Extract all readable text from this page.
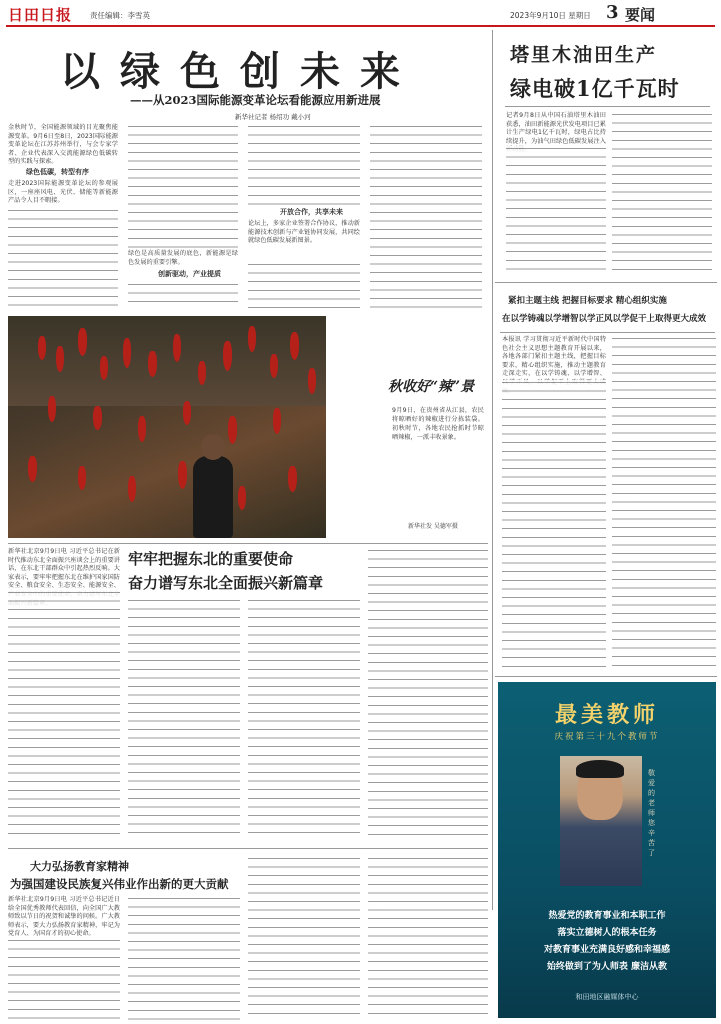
日田日报 责任编辑：李雪英	2023年9月10日 星期日 3 要闻
以绿色创未来
——从2023国际能源变革论坛看能源应用新进展
新华社记者 杨绍功 戴小河
金秋时节，全国能源领域的目光聚焦能源变革。9月6日至8日，2023国际能源变革论坛在江苏苏州举行，与会专家学者、企业代表深入交流能源绿色低碳转型的实践与探索。
绿色低碳，转型有序
走进2023国际能源变革论坛的参观展区，一座座风电、光伏、储能等新能源产品令人目不暇接。
绿色是高质量发展的底色，新能源是绿色发展的重要引擎。
创新驱动，产业提质
开放合作，共享未来
论坛上，多家企业签署合作协议，推动新能源技术创新与产业链协同发展，共同绘就绿色低碳发展新图景。
塔里木油田生产
绿电破1亿千瓦时
记者9月8日从中国石油塔里木油田获悉，油田新能源光伏发电项目已累计生产绿电1亿千瓦时，绿电占比持续提升，为油气田绿色低碳发展注入
秋收好“辣”景
9月9日，在贵州省从江县，农民将晾晒好的辣椒进行分拣装袋。初秋时节，各地农民抢抓时节晾晒辣椒，一派丰收景象。
新华社发 吴德军摄
紧扣主题主线 把握目标要求 精心组织实施
在以学铸魂以学增智以学正风以学促干上取得更大成效
本报讯 学习贯彻习近平新时代中国特色社会主义思想主题教育开展以来，各地各部门紧扣主题主线，把握目标要求，精心组织实施，推动主题教育走深走实，在以学铸魂、以学增智、
新华社北京9月9日电 习近平总书记在新时代推动东北全面振兴座谈会上的重要讲话，在东北干部群众中引起热烈反响。大家表示，要牢牢把握东北在维护国家国防安全、粮食安全、生态安全、能源安全、
牢牢把握东北的重要使命
奋力谱写东北全面振兴新篇章
大力弘扬教育家精神
为强国建设民族复兴伟业作出新的更大贡献
新华社北京9月9日电 习近平总书记近日给全国优秀教师代表回信，向全国广大教师致以节日的祝贺和诚挚的问候。广大教师表示，要大力弘扬教育家精神，牢记为党育人、为国育才的初心使命。
最美教师
庆祝第三十九个教师节
敬爱的老师您辛苦了
热爱党的教育事业和本职工作
落实立德树人的根本任务
对教育事业充满良好感和幸福感
始终做到了为人师表 廉洁从教
和田地区融媒体中心
